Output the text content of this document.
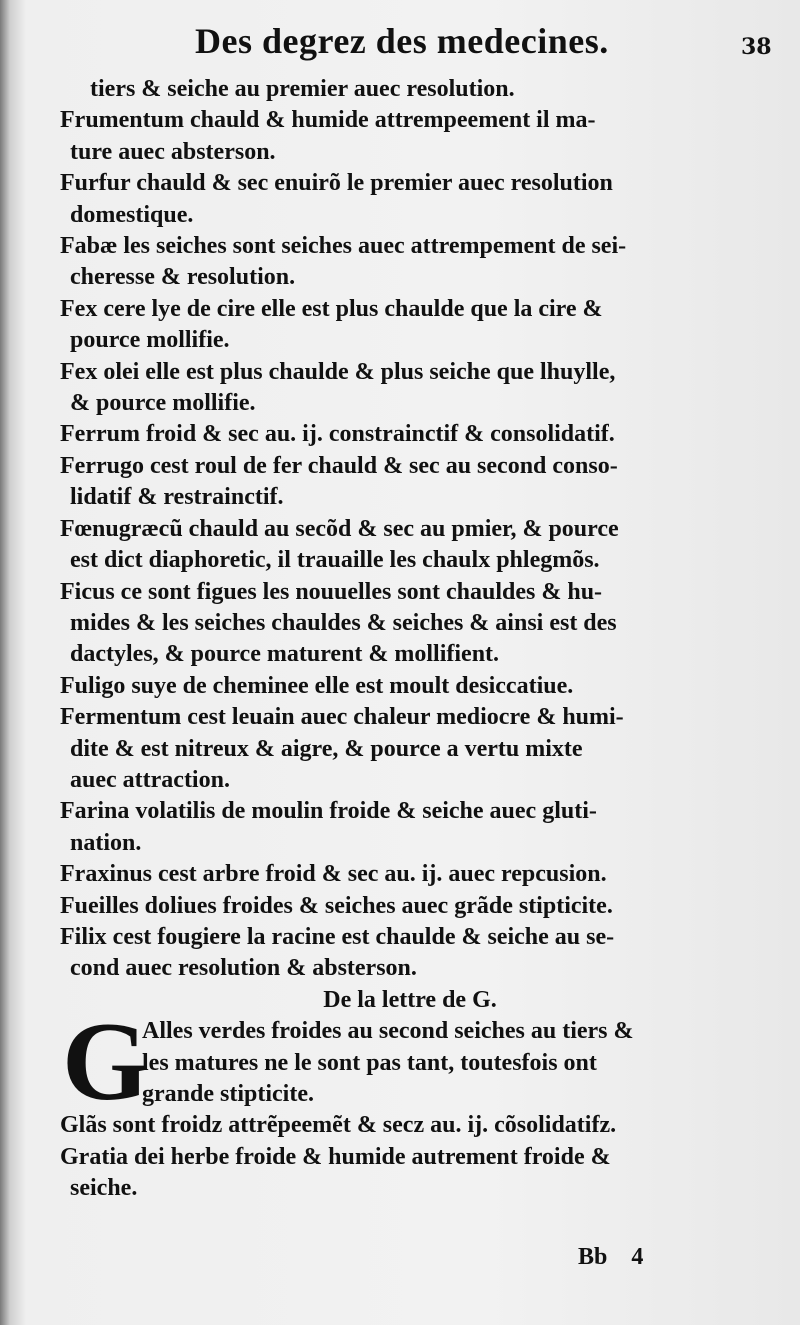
Des degrez des medecines.	38
tiers & seiche au premier auec resolution.
Frumentum chauld & humide attrempeement il ma-
ture auec absterson.
Furfur chauld & sec enuirõ le premier auec resolution
domestique.
Fabæ les seiches sont seiches auec attrempement de sei-
cheresse & resolution.
Fex cere lye de cire elle est plus chaulde que la cire &
pource mollifie.
Fex olei elle est plus chaulde & plus seiche que lhuylle,
& pource mollifie.
Ferrum froid & sec au. ij. constrainctif & consolidatif.
Ferrugo cest roul de fer chauld & sec au second conso-
lidatif & restrainctif.
Fœnugræcũ chauld au secõd & sec au pmier, & pource
est dict diaphoretic, il trauaille les chaulx phlegmõs.
Ficus ce sont figues les nouuelles sont chauldes & hu-
mides & les seiches chauldes & seiches & ainsi est des
dactyles, & pource maturent & mollifient.
Fuligo suye de cheminee elle est moult desiccatiue.
Fermentum cest leuain auec chaleur mediocre & humi-
dite & est nitreux & aigre, & pource a vertu mixte
auec attraction.
Farina volatilis de moulin froide & seiche auec gluti-
nation.
Fraxinus cest arbre froid & sec au. ij. auec repcusion.
Fueilles doliues froides & seiches auec grãde stipticite.
Filix cest fougiere la racine est chaulde & seiche au se-
cond auec resolution & absterson.
De la lettre de G.
G
Alles verdes froides au second seiches au tiers &
les matures ne le sont pas tant, toutesfois ont
grande stipticite.
Glãs sont froidz attrẽpeemẽt & secz au. ij. cõsolidatifz.
Gratia dei herbe froide & humide autrement froide &
seiche.
Bb 4
